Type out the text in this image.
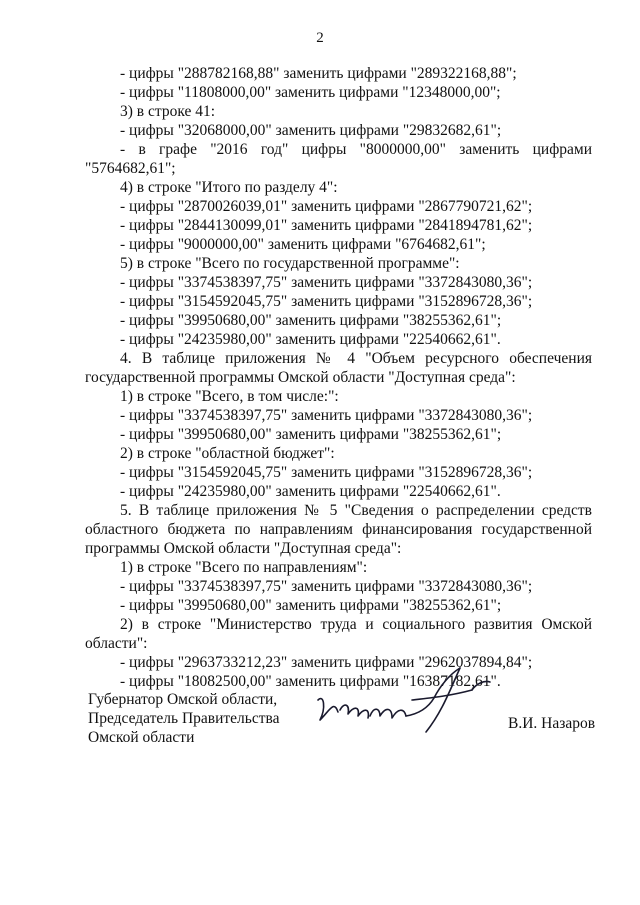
2
- цифры "288782168,88" заменить цифрами "289322168,88";
- цифры "11808000,00" заменить цифрами "12348000,00";
3) в строке 41:
- цифры "32068000,00" заменить цифрами "29832682,61";
- в графе "2016 год" цифры "8000000,00" заменить цифрами
"5764682,61";
4) в строке "Итого по разделу 4":
- цифры "2870026039,01" заменить цифрами "2867790721,62";
- цифры "2844130099,01" заменить цифрами "2841894781,62";
- цифры "9000000,00" заменить цифрами "6764682,61";
5) в строке "Всего по государственной программе":
- цифры "3374538397,75" заменить цифрами "3372843080,36";
- цифры "3154592045,75" заменить цифрами "3152896728,36";
- цифры "39950680,00" заменить цифрами "38255362,61";
- цифры "24235980,00" заменить цифрами "22540662,61".
4. В таблице приложения № 4 "Объем ресурсного обеспечения
государственной программы Омской области "Доступная среда":
1) в строке "Всего, в том числе:":
- цифры "3374538397,75" заменить цифрами "3372843080,36";
- цифры "39950680,00" заменить цифрами "38255362,61";
2) в строке "областной бюджет":
- цифры "3154592045,75" заменить цифрами "3152896728,36";
- цифры "24235980,00" заменить цифрами "22540662,61".
5. В таблице приложения № 5 "Сведения о распределении средств
областного бюджета по направлениям финансирования государственной
программы Омской области "Доступная среда":
1) в строке "Всего по направлениям":
- цифры "3374538397,75" заменить цифрами "3372843080,36";
- цифры "39950680,00" заменить цифрами "38255362,61";
2) в строке "Министерство труда и социального развития Омской
области":
- цифры "2963733212,23" заменить цифрами "2962037894,84";
- цифры "18082500,00" заменить цифрами "16387182,61".
Губернатор Омской области,
Председатель Правительства
Омской области
В.И. Назаров
